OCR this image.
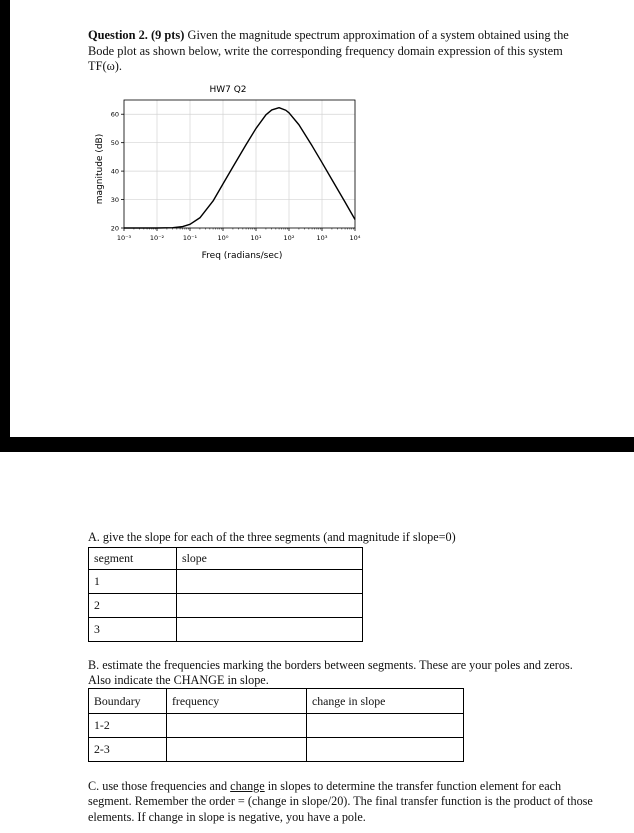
Question 2. (9 pts) Given the magnitude spectrum approximation of a system obtained using the Bode plot as shown below, write the corresponding frequency domain expression of this system TF(ω).
HW7 Q2
magnitude (dB)
Freq (radians/sec)
20
30
40
50
60
10⁻³	10⁻²	10⁻¹	10⁰	10¹	10²	10³	10⁴
A. give the slope for each of the three segments (and magnitude if slope=0)
segment	slope
1	
2	
3	
B. estimate the frequencies marking the borders between segments. These are your poles and zeros. Also indicate the CHANGE in slope.
Boundary	frequency	change in slope
1-2		
2-3		
C. use those frequencies and change in slopes to determine the transfer function element for each segment. Remember the order = (change in slope/20). The final transfer function is the product of those elements. If change in slope is negative, you have a pole.
